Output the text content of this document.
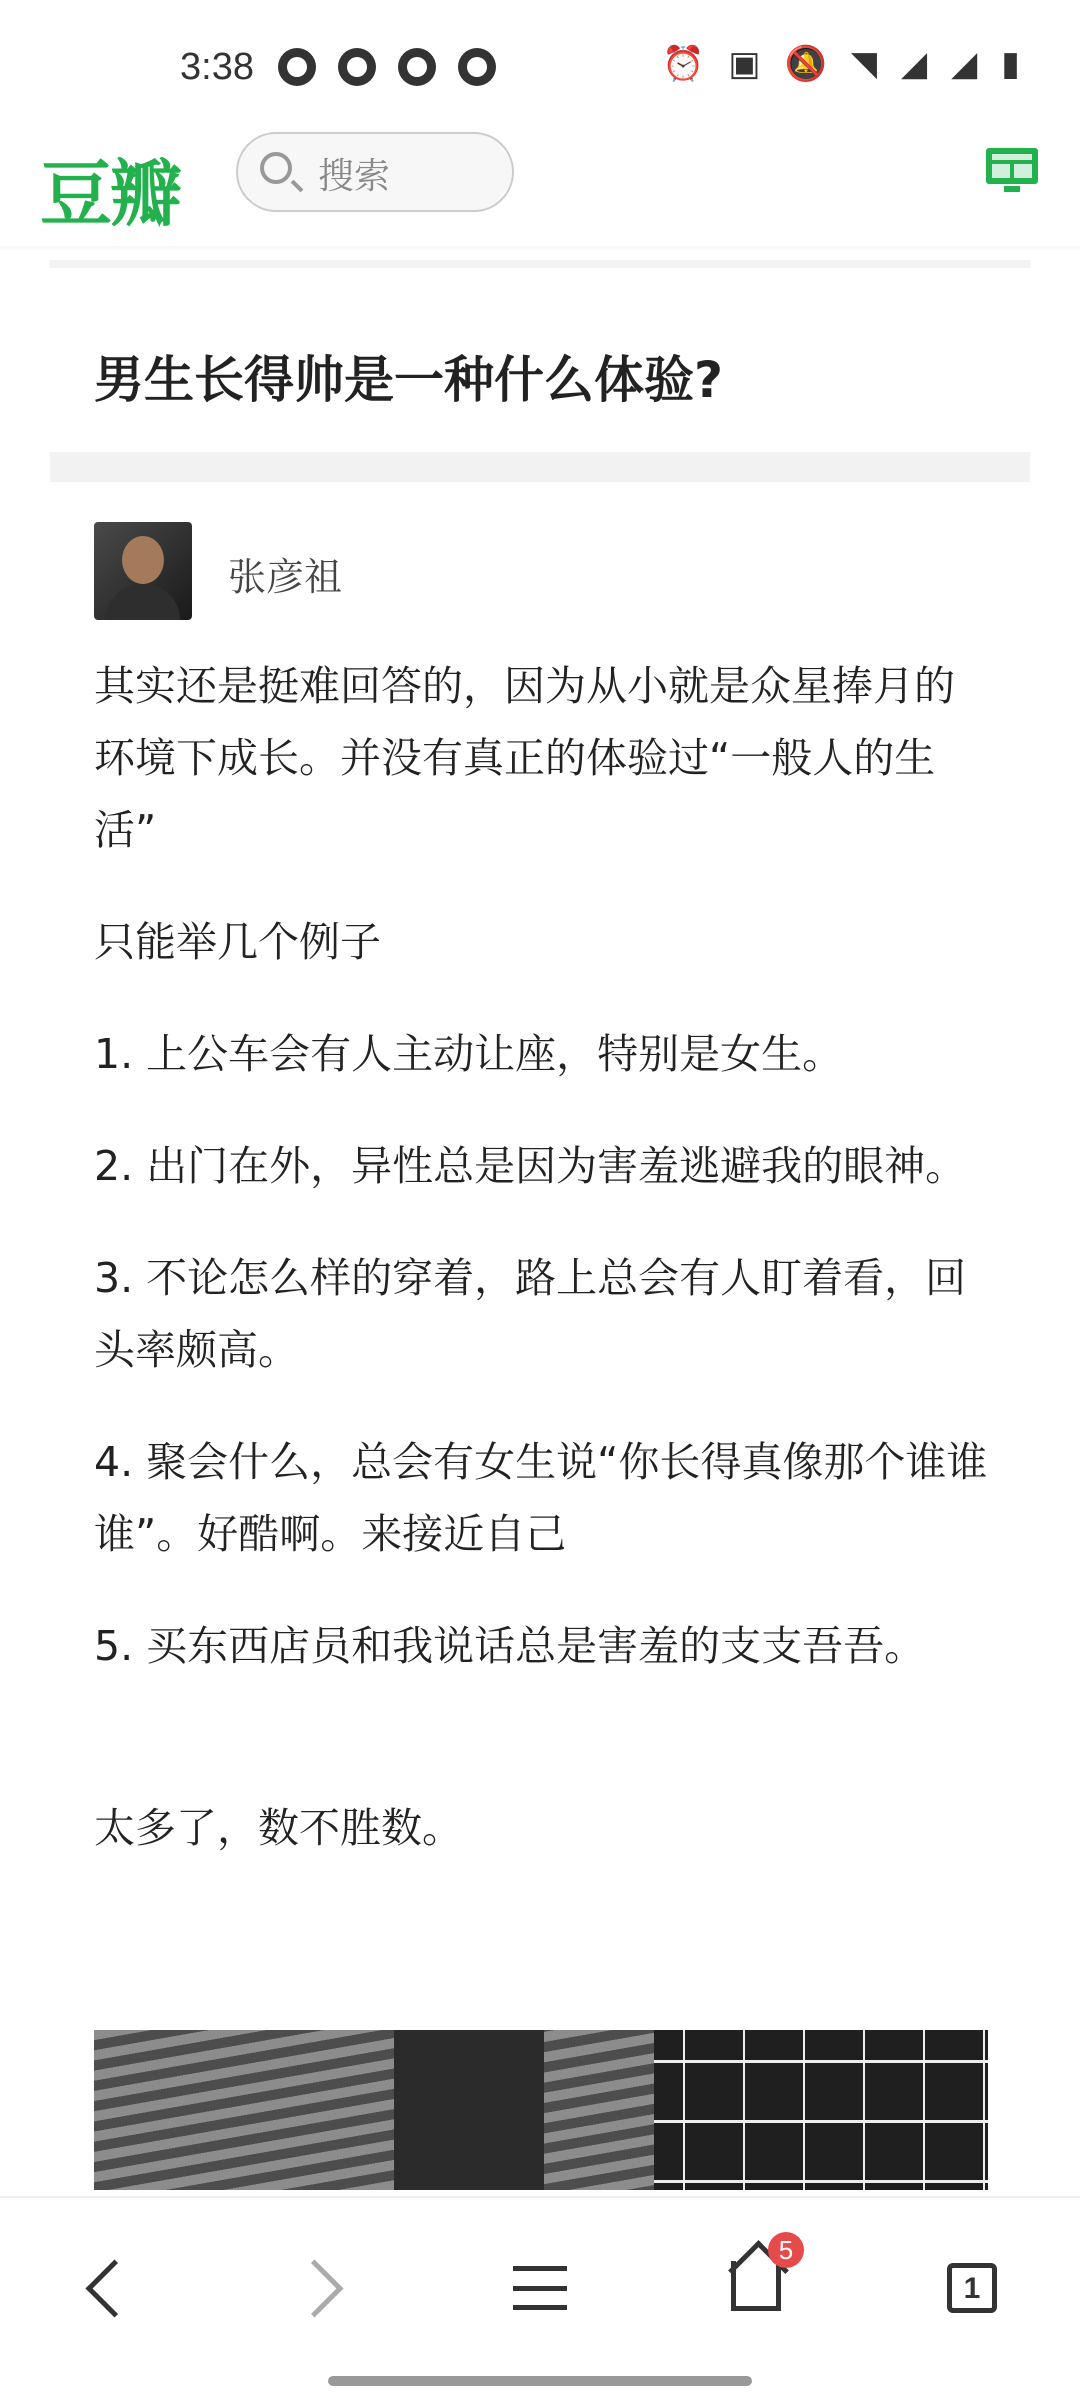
3:38	⏰ ▣ 🔕 ◥ ◢ ◢ ▮
豆瓣	搜索
男生长得帅是一种什么体验?
张彦祖

其实还是挺难回答的，因为从小就是众星捧月的环境下成长。并没有真正的体验过“一般人的生活”

只能举几个例子

1. 上公车会有人主动让座，特别是女生。

2. 出门在外，异性总是因为害羞逃避我的眼神。

3. 不论怎么样的穿着，路上总会有人盯着看，回头率颇高。

4. 聚会什么，总会有女生说“你长得真像那个谁谁谁”。好酷啊。来接近自己

5. 买东西店员和我说话总是害羞的支支吾吾。

太多了，数不胜数。

5
1
